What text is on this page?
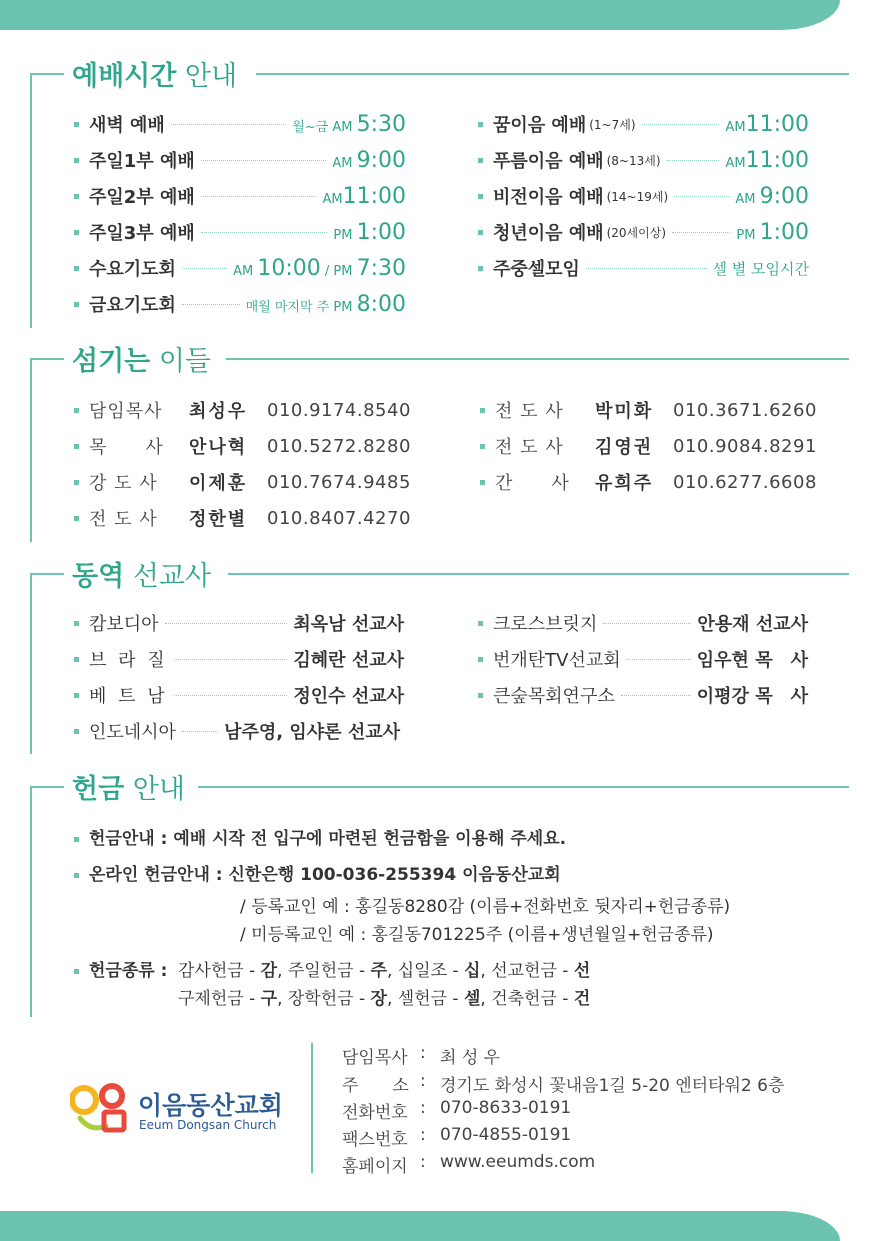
예배시간 안내
새벽 예배	월~금 AM 5:30
주일1부 예배	AM 9:00
주일2부 예배	AM11:00
주일3부 예배	PM 1:00
수요기도회	AM 10:00 / PM 7:30
금요기도회	매월 마지막 주 PM 8:00
꿈이음 예배 (1~7세)	AM11:00
푸름이음 예배 (8~13세)	AM11:00
비전이음 예배 (14~19세)	AM 9:00
청년이음 예배 (20세이상)	PM 1:00
주중셀모임	셀 별 모임시간
섬기는 이들
담임목사	최성우	010.9174.8540
목　　사	안나혁	010.5272.8280
강 도 사	이제훈	010.7674.9485
전 도 사	정한별	010.8407.4270
전 도 사	박미화	010.3671.6260
전 도 사	김영권	010.9084.8291
간　　사	유희주	010.6277.6608
동역 선교사
캄보디아	최옥남 선교사
브 라 질	김혜란 선교사
베 트 남	정인수 선교사
인도네시아	남주영, 임샤론 선교사
크로스브릿지	안용재 선교사
번개탄TV선교회	임우현 목　사
큰숲목회연구소	이평강 목　사
헌금 안내
헌금안내 : 예배 시작 전 입구에 마련된 헌금함을 이용해 주세요.
온라인 헌금안내 : 신한은행 100-036-255394 이음동산교회
/ 등록교인 예 : 홍길동8280감 (이름+전화번호 뒷자리+헌금종류)
/ 미등록교인 예 : 홍길동701225주 (이름+생년월일+헌금종류)
헌금종류 : 감사헌금 - 감, 주일헌금 - 주, 십일조 - 십, 선교헌금 - 선
구제헌금 - 구, 장학헌금 - 장, 셀헌금 - 셀, 건축헌금 - 건
이음동산교회
Eeum Dongsan Church
담임목사 : 최 성 우
주　　소 : 경기도 화성시 꽃내음1길 5-20 엔터타워2 6층
전화번호 : 070-8633-0191
팩스번호 : 070-4855-0191
홈페이지 : www.eeumds.com
